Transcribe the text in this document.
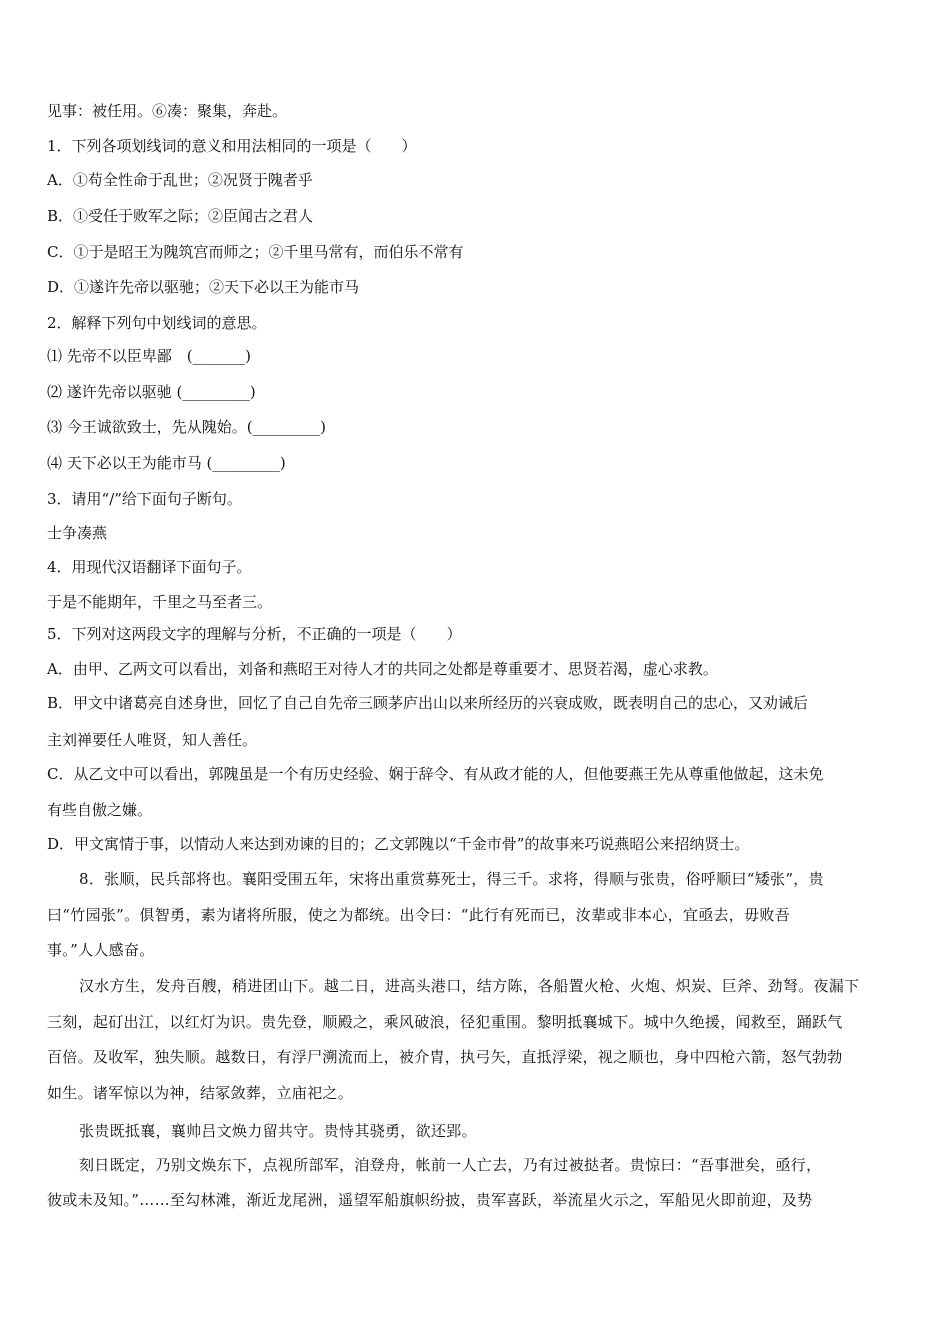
见事：被任用。⑥凑：聚集，奔赴。
1．下列各项划线词的意义和用法相同的一项是（　　）
A．①苟全性命于乱世；②况贤于隗者乎
B．①受任于败军之际；②臣闻古之君人
C．①于是昭王为隗筑宫而师之；②千里马常有，而伯乐不常有
D．①遂许先帝以驱驰；②天下必以王为能市马
2．解释下列句中划线词的意思。
⑴ 先帝不以臣卑鄙　(_______)
⑵ 遂许先帝以驱驰 (_________)
⑶ 今王诚欲致士，先从隗始。(_________)
⑷ 天下必以王为能市马 (_________)
3．请用“/”给下面句子断句。
士争凑燕
4．用现代汉语翻译下面句子。
于是不能期年，千里之马至者三。
5．下列对这两段文字的理解与分析，不正确的一项是（　　）
A．由甲、乙两文可以看出，刘备和燕昭王对待人才的共同之处都是尊重要才、思贤若渴，虚心求教。
B．甲文中诸葛亮自述身世，回忆了自己自先帝三顾茅庐出山以来所经历的兴衰成败，既表明自己的忠心，又劝诫后
主刘禅要任人唯贤，知人善任。
C．从乙文中可以看出，郭隗虽是一个有历史经验、娴于辞令、有从政才能的人，但他要燕王先从尊重他做起，这未免
有些自傲之嫌。
D．甲文寓情于事，以情动人来达到劝谏的目的；乙文郭隗以“千金市骨”的故事来巧说燕昭公来招纳贤士。
8．张顺，民兵部将也。襄阳受围五年，宋将出重赏募死士，得三千。求将，得顺与张贵，俗呼顺曰“矮张”，贵
曰“竹园张”。俱智勇，素为诸将所服，使之为都统。出令曰：“此行有死而已，汝辈或非本心，宜亟去，毋败吾
事。”人人感奋。
汉水方生，发舟百艘，稍进团山下。越二日，进高头港口，结方陈，各船置火枪、火炮、炽炭、巨斧、劲弩。夜漏下
三刻，起矴出江，以红灯为识。贵先登，顺殿之，乘风破浪，径犯重围。黎明抵襄城下。城中久绝援，闻救至，踊跃气
百倍。及收军，独失顺。越数日，有浮尸溯流而上，被介胄，执弓矢，直抵浮梁，视之顺也，身中四枪六箭，怒气勃勃
如生。诸军惊以为神，结冢敛葬，立庙祀之。
张贵既抵襄，襄帅吕文焕力留共守。贵恃其骁勇，欲还郢。
刻日既定，乃别文焕东下，点视所部军，洎登舟，帐前一人亡去，乃有过被挞者。贵惊曰：“吾事泄矣，亟行，
彼或未及知。”……至勾林滩，渐近龙尾洲，遥望军船旗帜纷披，贵军喜跃，举流星火示之，军船见火即前迎，及势
